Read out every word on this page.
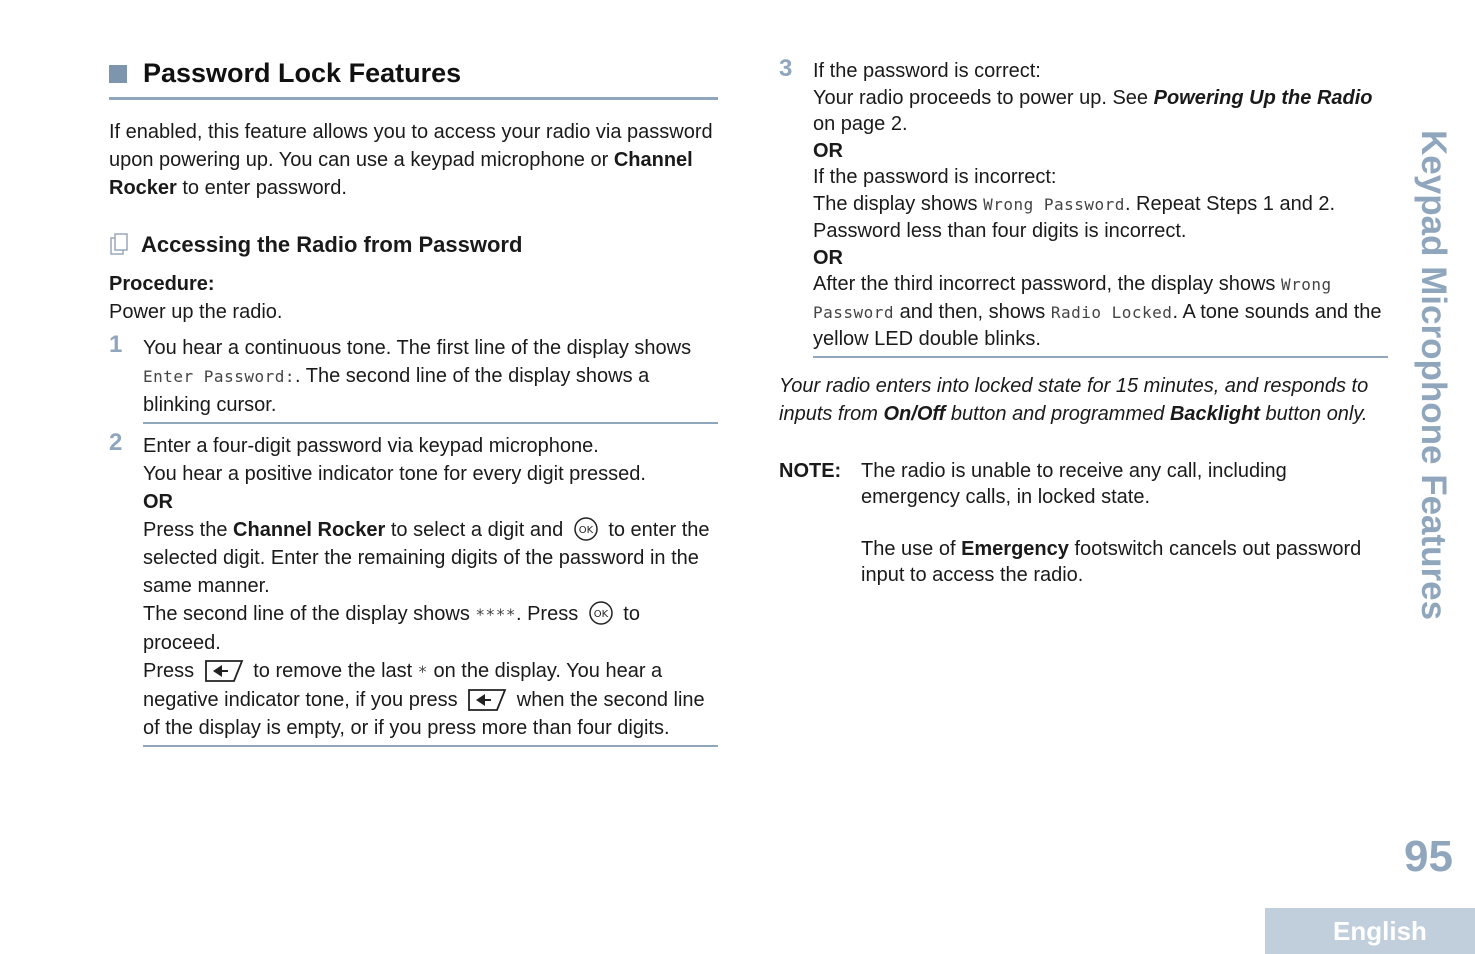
Password Lock Features

If enabled, this feature allows you to access your radio via password upon powering up. You can use a keypad microphone or Channel Rocker to enter password.

Accessing the Radio from Password

Procedure:

Power up the radio.

1 You hear a continuous tone. The first line of the display shows Enter Password:. The second line of the display shows a blinking cursor.
2 Enter a four-digit password via keypad microphone.

You hear a positive indicator tone for every digit pressed.

OR

Press the Channel Rocker to select a digit and OK to enter the selected digit. Enter the remaining digits of the password in the same manner.

The second line of the display shows ****. Press OK to proceed.

Press  to remove the last * on the display. You hear a negative indicator tone, if you press  when the second line of the display is empty, or if you press more than four digits.

3 If the password is correct:

Your radio proceeds to power up. See Powering Up the Radio on page 2.

OR

If the password is incorrect:

The display shows Wrong Password. Repeat Steps 1 and 2. Password less than four digits is incorrect.

OR

After the third incorrect password, the display shows Wrong Password and then, shows Radio Locked. A tone sounds and the yellow LED double blinks.

Your radio enters into locked state for 15 minutes, and responds to inputs from On/Off button and programmed Backlight button only.

NOTE: The radio is unable to receive any call, including emergency calls, in locked state.

The use of Emergency footswitch cancels out password input to access the radio.	Keypad Microphone Features
95
English
